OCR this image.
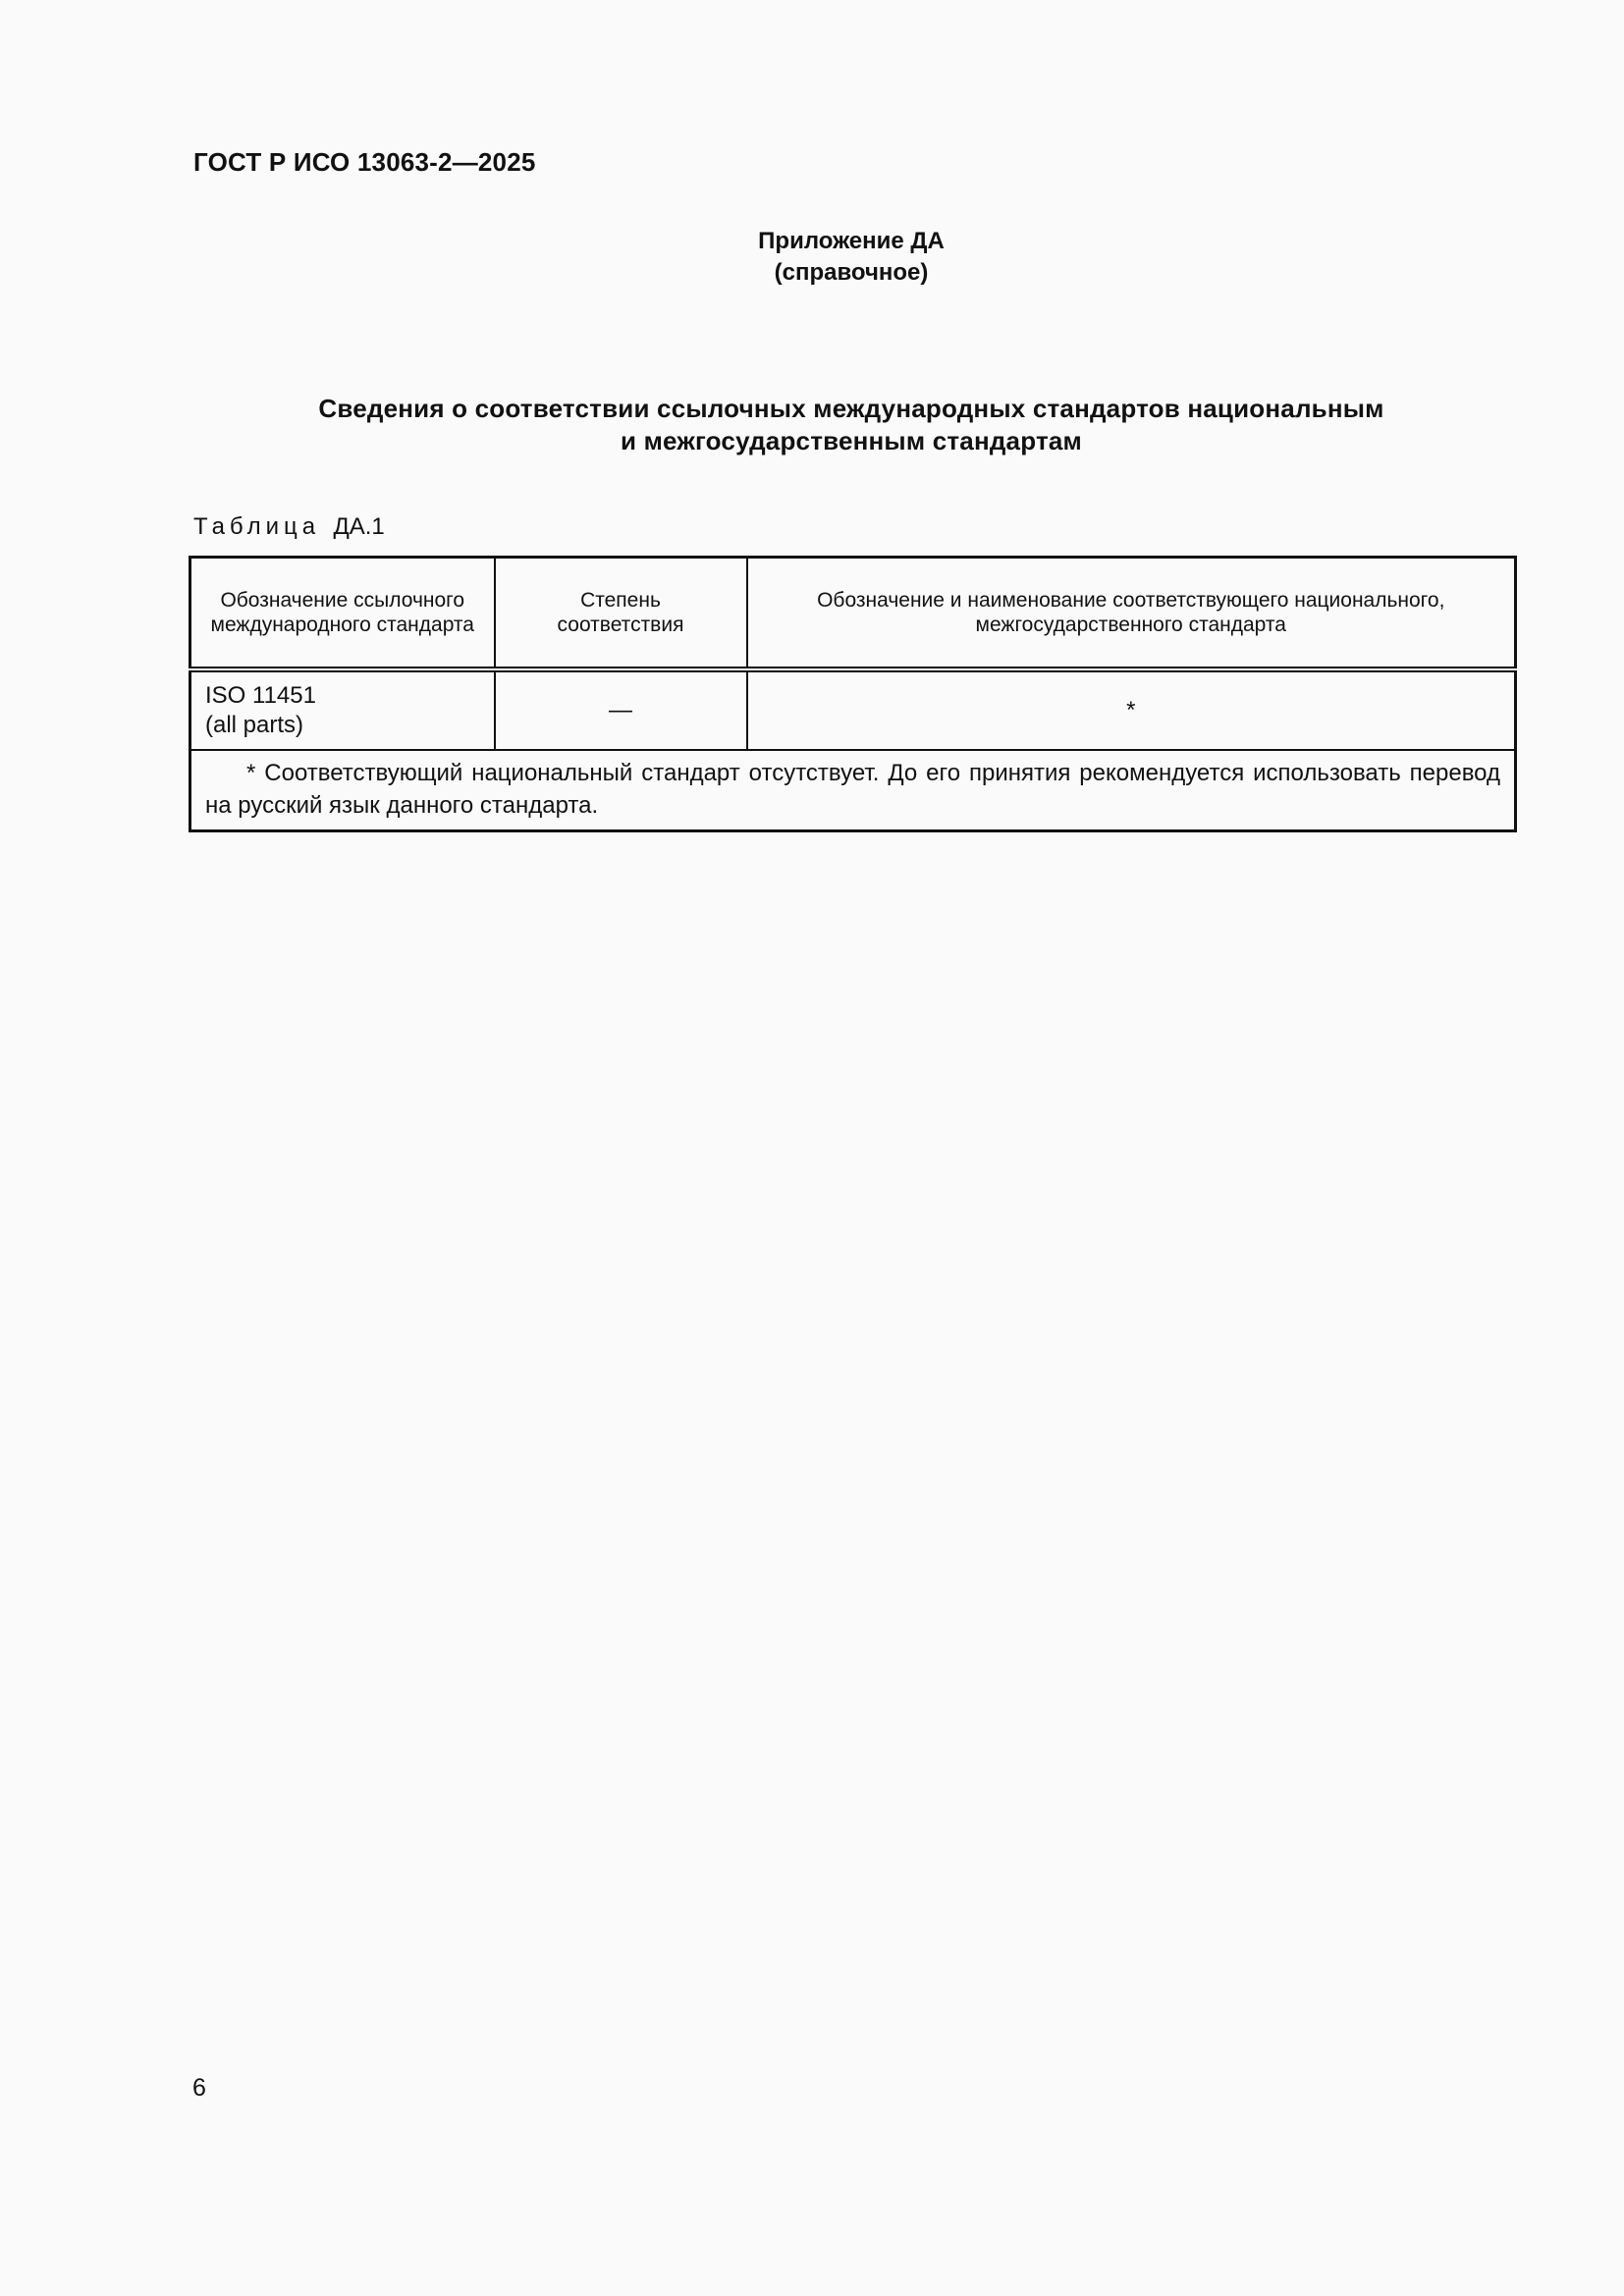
ГОСТ Р ИСО 13063-2—2025
Приложение ДА
(справочное)
Сведения о соответствии ссылочных международных стандартов национальным
и межгосударственным стандартам
Таблица ДА.1
Обозначение ссылочного международного стандарта	Степень соответствия	Обозначение и наименование соответствующего национального, межгосударственного стандарта

ISO 11451
(all parts)	—	*
* Соответствующий национальный стандарт отсутствует. До его принятия рекомендуется использовать перевод на русский язык данного стандарта.		
6
